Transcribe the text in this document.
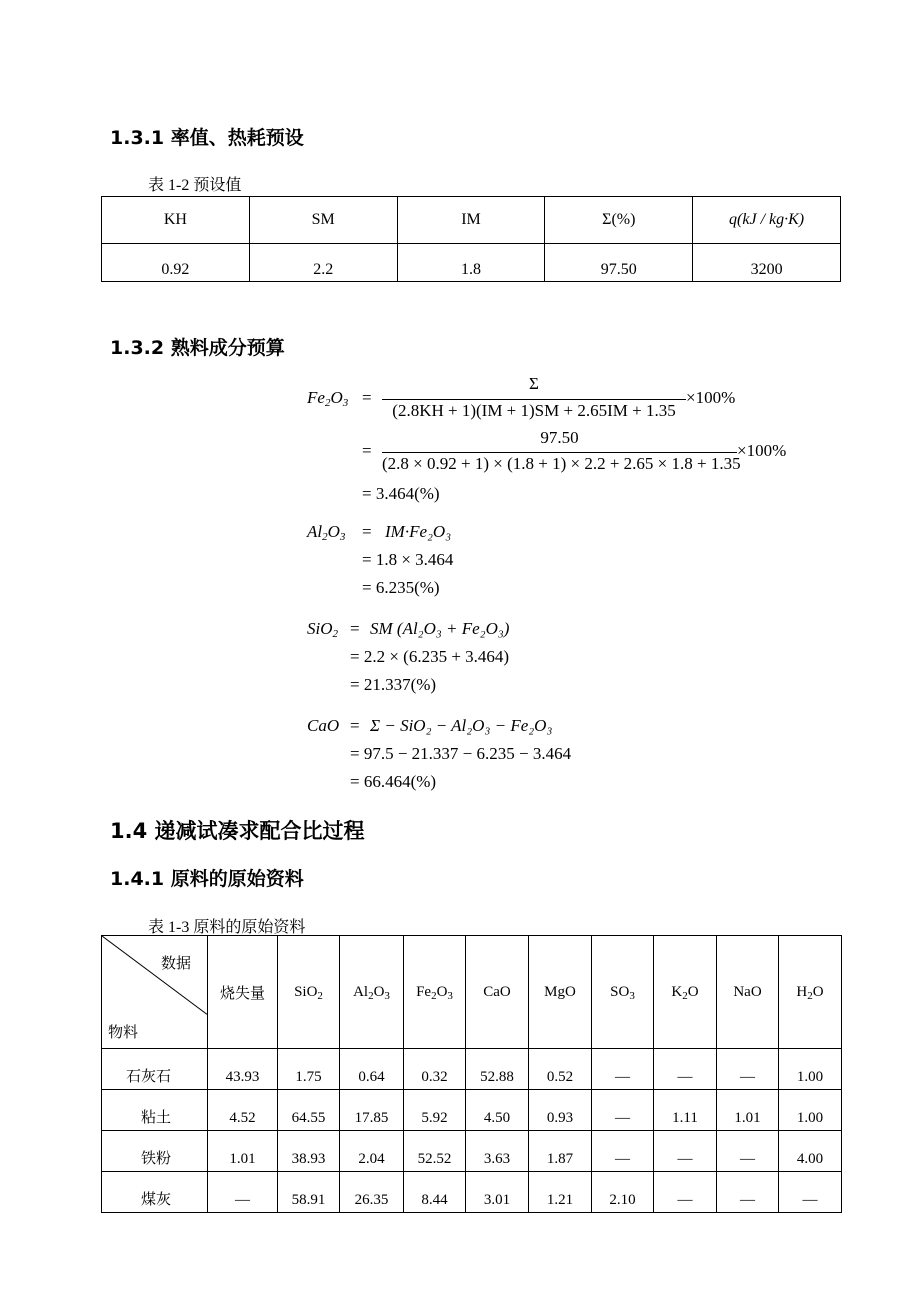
1.3.1 率值、热耗预设

表 1-2 预设值

KH	SM	IM	Σ(%)	q(kJ / kg·K)
0.92	2.2	1.8	97.50	3200
1.3.2 熟料成分预算
$Fe_2O_3$ =
Σ
(2.8KH + 1)(IM + 1)SM + 2.65IM + 1.35
×100%
=
97.50
(2.8 × 0.92 + 1) × (1.8 + 1) × 2.2 + 2.65 × 1.8 + 1.35
×100%
= 3.464(%)
$Al_2O_3 = IM\cdot Fe_2O_3$
= 1.8 × 3.464
= 6.235(%)
SiO$_2$ = SM (Al₂O₃ + Fe₂O₃)
= 2.2 × (6.235 + 3.464)
= 21.337(%)
CaO = Σ − SiO₂ − Al₂O₃ − Fe₂O₃
= 97.5 − 21.337 − 6.235 − 3.464
= 66.464(%)
1.4 递减试凑求配合比过程
1.4.1 原料的原始资料

表 1-3 原料的原始资料

数据
物料	烧失量	SiO$_2$	$Al_2O_3$	$Fe_2O_3$	CaO	MgO	$SO_3$	$K_2O$	NaO	$H_2O$
石灰石	43.93	1.75	0.64	0.32	52.88	0.52	—	—	—	1.00
粘土	4.52	64.55	17.85	5.92	4.50	0.93	—	1.11	1.01	1.00
铁粉	1.01	38.93	2.04	52.52	3.63	1.87	—	—	—	4.00
煤灰	—	58.91	26.35	8.44	3.01	1.21	2.10	—	—	—
